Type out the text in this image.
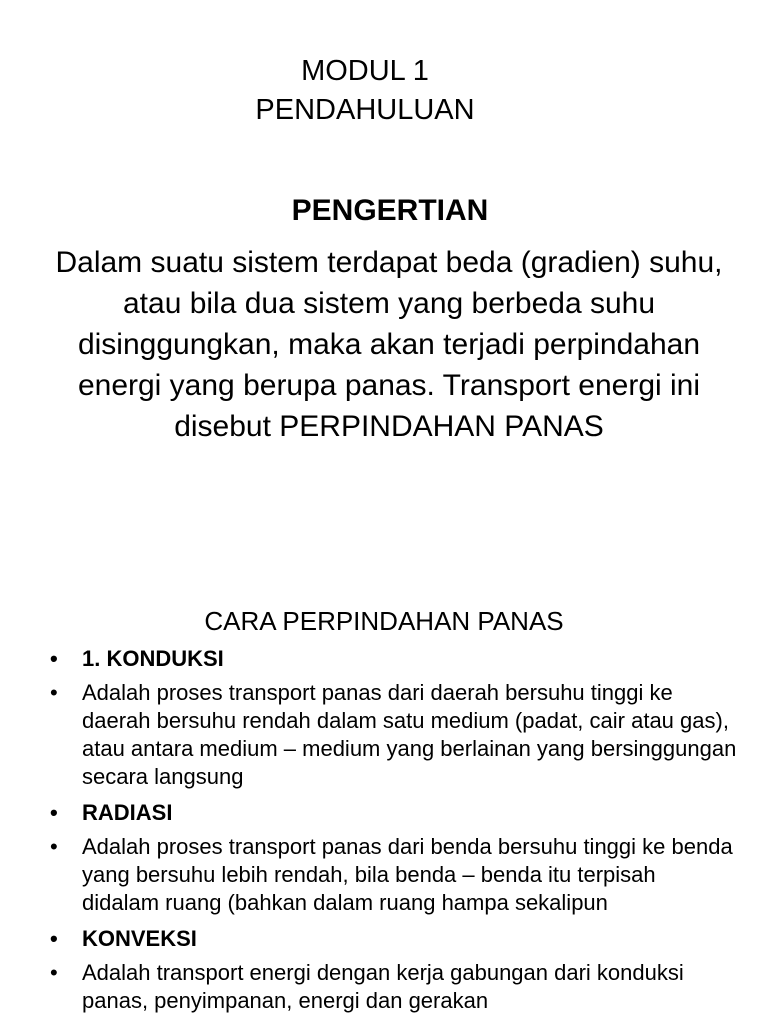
MODUL 1
PENDAHULUAN
PENGERTIAN

Dalam suatu sistem terdapat beda (gradien) suhu, atau bila dua sistem yang berbeda suhu disinggungkan, maka akan terjadi perpindahan energi yang berupa panas. Transport energi ini disebut PERPINDAHAN PANAS

CARA PERPINDAHAN PANAS
• 1. KONDUKSI
• Adalah proses transport panas dari daerah bersuhu tinggi ke daerah bersuhu rendah dalam satu medium (padat, cair atau gas), atau antara medium – medium yang berlainan yang bersinggungan secara langsung
• RADIASI
• Adalah proses transport panas dari benda bersuhu tinggi ke benda yang bersuhu lebih rendah, bila benda – benda itu terpisah didalam ruang (bahkan dalam ruang hampa sekalipun
• KONVEKSI
• Adalah transport energi dengan kerja gabungan dari konduksi panas, penyimpanan, energi dan gerakan
